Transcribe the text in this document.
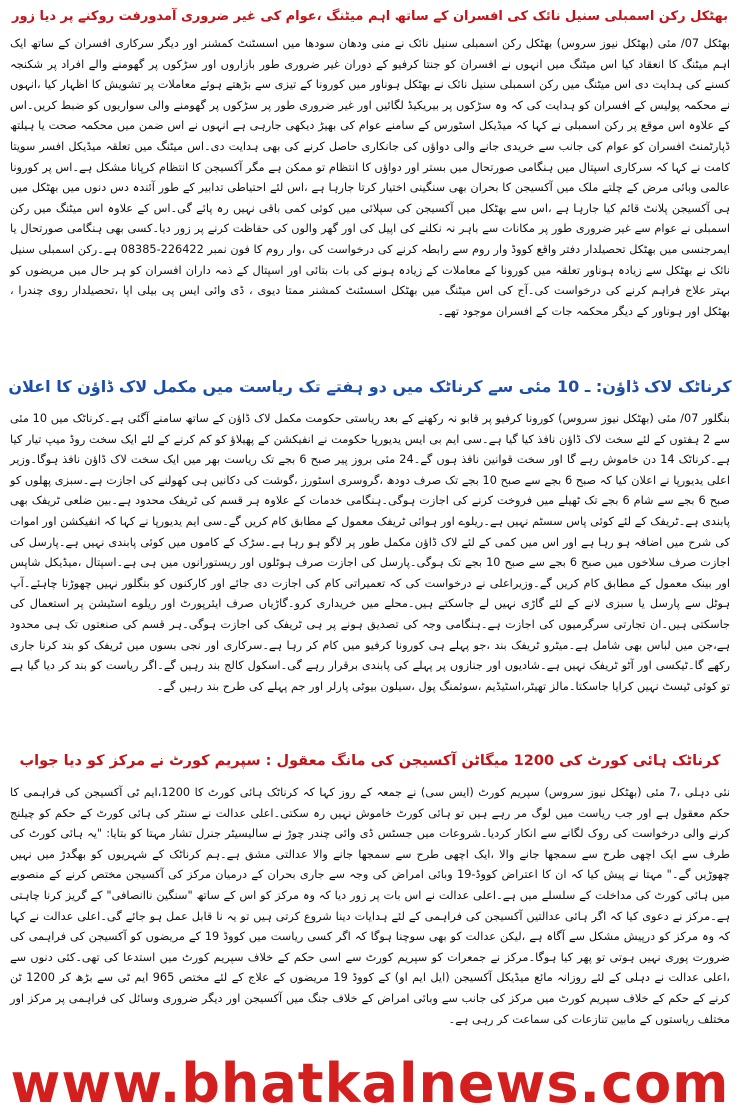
بھٹکل رکن اسمبلی سنیل نائک کی افسران کے ساتھ اہم میٹنگ ،عوام کی غیر ضروری آمدورفت روکنے پر دیا زور

بھٹکل 07/ مئی (بھٹکل نیوز سروس) بھٹکل رکن اسمبلی سنیل نائک نے منی ودھان سودھا میں اسسٹنٹ کمشنر اور دیگر سرکاری افسران کے ساتھ ایک اہم میٹنگ کا انعقاد کیا اس میٹنگ میں انہوں نے افسران کو جنتا کرفیو کے دوران غیر ضروری طور بازاروں اور سڑکوں پر گھومنے والے افراد پر شکنجہ کسنے کی ہدایت دی اس میٹنگ میں رکن اسمبلی سنیل نائک نے بھٹکل ہوناور میں کورونا کے تیزی سے بڑھتے ہوئے معاملات پر تشویش کا اظہار کیا ،انہوں نے محکمہ پولیس کے افسران کو ہدایت کی کہ وہ سڑکوں پر بیریکیڈ لگائیں اور غیر ضروری طور پر سڑکوں پر گھومنے والی سواریوں کو ضبط کریں۔اس کے علاوہ اس موقع پر رکن اسمبلی نے کہا کہ میڈیکل اسٹورس کے سامنے عوام کی بھیڑ دیکھی جارہی ہے انہوں نے اس ضمن میں محکمہ صحت یا ہیلتھ ڈپارٹمنٹ افسران کو عوام کی جانب سے خریدی جانے والی دواؤں کی جانکاری حاصل کرنے کی بھی ہدایت دی۔اس میٹنگ میں تعلقہ میڈیکل افسر سویتا کامت نے کہا کہ سرکاری اسپتال میں ہنگامی صورتحال میں بستر اور دواؤں کا انتظام تو ممکن ہے مگر آکسیجن کا انتظام کرپانا مشکل ہے۔اس پر کورونا عالمی وبائی مرض کے چلتے ملک میں آکسیجن کا بحران بھی سنگینی اختیار کرتا جارہا ہے ،اس لئے احتیاطی تدابیر کے طور آئندہ دس دنوں میں بھٹکل میں ہی آکسیجن پلانٹ قائم کیا جارہا ہے ،اس سے بھٹکل میں آکسیجن کی سپلائی میں کوئی کمی باقی نہیں رہ پائے گی۔اس کے علاوہ اس میٹنگ میں رکن اسمبلی نے عوام سے غیر ضروری طور پر مکانات سے باہر نہ نکلنے کی اپیل کی اور گھر والوں کی حفاظت کرنے پر زور دیا۔کسی بھی ہنگامی صورتحال یا ایمرجنسی میں بھٹکل تحصیلدار دفتر واقع کووڈ وار روم سے رابطہ کرنے کی درخواست کی ،وار روم کا فون نمبر 226422-08385 ہے۔رکن اسمبلی سنیل نائک نے بھٹکل سے زیادہ ہوناور تعلقہ میں کورونا کے معاملات کے زیادہ ہونے کی بات بتائی اور اسپتال کے ذمہ داران افسران کو ہر حال میں مریضوں کو بہتر علاج فراہم کرنے کی درخواست کی۔آج کی اس میٹنگ میں بھٹکل اسسٹنٹ کمشنر ممتا دیوی ، ڈی وائی ایس پی بیلی اپا ،تحصیلدار روی چندرا ، بھٹکل اور ہوناور کے دیگر محکمہ جات کے افسران موجود تھے۔

کرناٹک لاک ڈاؤن: ـ 10 مئی سے کرناٹک میں دو ہفتے تک ریاست میں مکمل لاک ڈاؤن کا اعلان

بنگلور 07/ مئی (بھٹکل نیوز سروس) کورونا کرفیو پر قابو نہ رکھنے کے بعد ریاستی حکومت مکمل لاک ڈاؤن کے ساتھ سامنے آگئی ہے۔کرناٹک میں 10 مئی سے 2 ہفتوں کے لئے سخت لاک ڈاؤن نافذ کیا گیا ہے۔سی ایم بی ایس یدیورپا حکومت نے انفیکشن کے پھیلاؤ کو کم کرنے کے لئے ایک سخت روڈ میپ تیار کیا ہے۔کرناٹک 14 دن خاموش رہے گا اور سخت قوانین نافذ ہوں گے۔24 مئی بروز پیر صبح 6 بجے تک ریاست بھر میں ایک سخت لاک ڈاؤن نافذ ہوگا۔وزیر اعلی یدیورپا نے اعلان کیا کہ صبح 6 بجے سے صبح 10 بجے تک صرف دودھ ،گروسری اسٹورز ،گوشت کی دکانیں ہی کھولنے کی اجازت ہے۔سبزی پھلوں کو صبح 6 بجے سے شام 6 بجے تک ٹھیلے میں فروخت کرنے کی اجازت ہوگی۔ہنگامی خدمات کے علاوہ ہر قسم کی ٹریفک محدود ہے۔بین ضلعی ٹریفک بھی پابندی ہے۔ٹریفک کے لئے کوئی پاس سسٹم نہیں ہے۔ریلوے اور ہوائی ٹریفک معمول کے مطابق کام کریں گے۔سی ایم یدیورپا نے کہا کہ انفیکشن اور اموات کی شرح میں اضافہ ہو رہا ہے اور اس میں کمی کے لئے لاک ڈاؤن مکمل طور پر لاگو ہو رہا ہے۔سڑک کے کاموں میں کوئی پابندی نہیں ہے۔پارسل کی اجازت صرف سلاخوں میں صبح 6 بجے سے صبح 10 بجے تک ہوگی۔پارسل کی اجازت صرف ہوٹلوں اور ریستورانوں میں ہی ہے۔اسپتال ،میڈیکل شاپس اور بینک معمول کے مطابق کام کریں گے۔وزیراعلی نے درخواست کی کہ تعمیراتی کام کی اجازت دی جائے اور کارکنوں کو بنگلور نہیں چھوڑنا چاہئے۔آپ ہوٹل سے پارسل یا سبزی لانے کے لئے گاڑی نہیں لے جاسکتے ہیں۔محلے میں خریداری کرو۔گاڑیاں صرف ایئرپورٹ اور ریلوے اسٹیشن پر استعمال کی جاسکتی ہیں۔ان تجارتی سرگرمیوں کی اجازت ہے۔ہنگامی وجہ کی تصدیق ہونے پر ہی ٹریفک کی اجازت ہوگی۔ہر قسم کی صنعتوں تک ہی محدود ہے،جن میں لباس بھی شامل ہے۔میٹرو ٹریفک بند ،جو پہلے ہی کورونا کرفیو میں کام کر رہا ہے۔سرکاری اور نجی بسوں میں ٹریفک کو بند کرنا جاری رکھے گا۔ٹیکسی اور آٹو ٹریفک نہیں ہے۔شادیوں اور جنازوں پر پہلے کی پابندی برقرار رہے گی۔اسکول کالج بند رہیں گے۔اگر ریاست کو بند کر دیا گیا ہے تو کوئی ٹیسٹ نہیں کرایا جاسکتا۔مالز تھیٹر،اسٹیڈیم ،سوئمنگ پول ،سیلون بیوٹی پارلر اور جم پہلے کی طرح بند رہیں گے۔

کرناٹک ہائی کورٹ کی 1200 میگاٹن آکسیجن کی مانگ معقول : سپریم کورٹ نے مرکز کو دیا جواب

نئی دہلی ،7 مئی (بھٹکل نیوز سروس) سپریم کورٹ (ایس سی) نے جمعہ کے روز کہا کہ کرناٹک ہائی کورٹ کا 1200،ایم ٹی آکسیجن کی فراہمی کا حکم معقول ہے اور جب ریاست میں لوگ مر رہے ہیں تو ہائی کورٹ خاموش نہیں رہ سکتی۔اعلی عدالت نے سنٹر کی ہائی کورٹ کے حکم کو چیلنج کرنے والی درخواست کی روک لگانے سے انکار کردیا۔شروعات میں جسٹس ڈی وائی چندر چوڑ نے سالیسیٹر جنرل تشار مہتا کو بتایا: "یہ ہائی کورٹ کی طرف سے ایک اچھی طرح سے سمجھا جانے والا ،ایک اچھی طرح سے سمجھا جانے والا عدالتی مشق ہے۔ہم کرناٹک کے شہریوں کو بھگدڑ میں نہیں چھوڑیں گے۔" مہتا نے پیش کیا کہ ان کا اعتراض کووڈ-19 وبائی امراض کی وجہ سے جاری بحران کے درمیان مرکز کی آکسیجن مختص کرنے کے منصوبے میں ہائی کورٹ کی مداخلت کے سلسلے میں ہے۔اعلی عدالت نے اس بات پر زور دیا کہ وہ مرکز کو اس کے ساتھ "سنگین ناانصافی" کے گریز کرنا چاہتی ہے۔مرکز نے دعوی کیا کہ اگر ہائی عدالتیں آکسیجن کی فراہمی کے لئے ہدایات دینا شروع کرتی ہیں تو یہ نا قابل عمل ہو جائے گی۔اعلی عدالت نے کہا کہ وہ مرکز کو درپیش مشکل سے آگاہ ہے ،لیکن عدالت کو بھی سوچنا ہوگا کہ اگر کسی ریاست میں کووڈ 19 کے مریضوں کو آکسیجن کی فراہمی کی ضرورت پوری نہیں ہوتی تو پھر کیا ہوگا۔مرکز نے جمعرات کو سپریم کورٹ سے اسی حکم کے خلاف سپریم کورٹ میں استدعا کی تھی۔کئی دنوں سے ،اعلی عدالت نے دہلی کے لئے روزانہ مائع میڈیکل آکسیجن (ایل ایم او) کے کووڈ 19 مریضوں کے علاج کے لئے مختص 965 ایم ٹی سے بڑھ کر 1200 ٹن کرنے کے حکم کے خلاف سپریم کورٹ میں مرکز کی جانب سے وبائی امراض کے خلاف جنگ میں آکسیجن اور دیگر ضروری وسائل کی فراہمی پر مرکز اور مختلف ریاستوں کے مابین تنازعات کی سماعت کر رہی ہے۔

www.bhatkalnews.com
